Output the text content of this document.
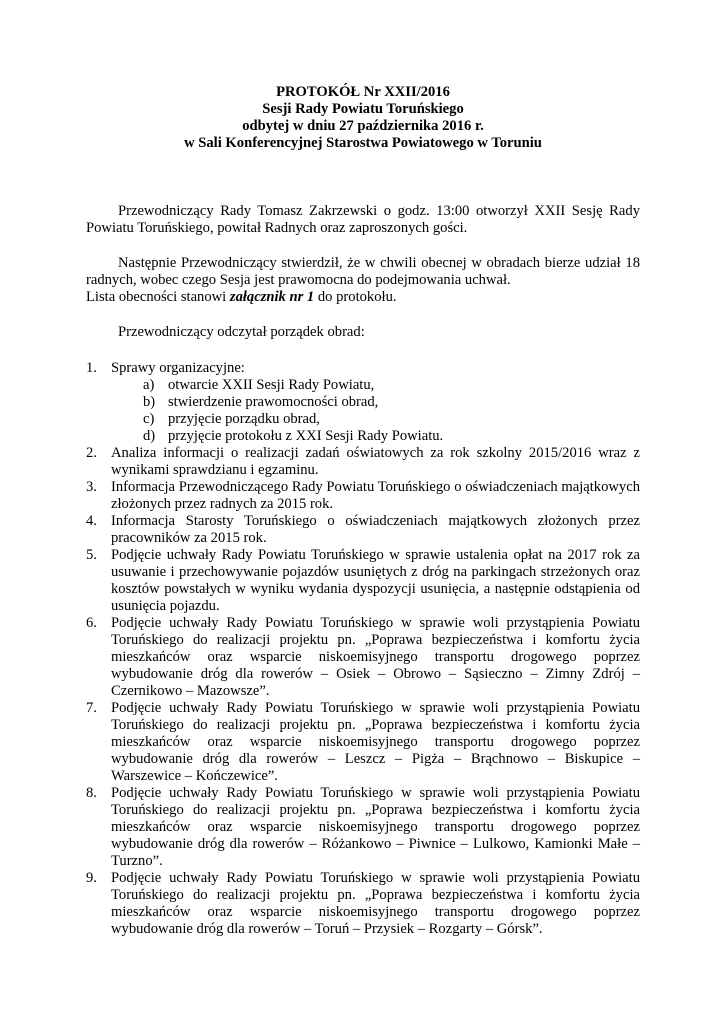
PROTOKÓŁ Nr XXII/2016
Sesji Rady Powiatu Toruńskiego
odbytej w dniu 27 października 2016 r.
w Sali Konferencyjnej Starostwa Powiatowego w Toruniu

Przewodniczący Rady Tomasz Zakrzewski o godz. 13:00 otworzył XXII Sesję Rady Powiatu Toruńskiego, powitał Radnych oraz zaproszonych gości.

Następnie Przewodniczący stwierdził, że w chwili obecnej w obradach bierze udział 18 radnych, wobec czego Sesja jest prawomocna do podejmowania uchwał.

Lista obecności stanowi załącznik nr 1 do protokołu.

Przewodniczący odczytał porządek obrad:

1. Sprawy organizacyjne:
a) otwarcie XXII Sesji Rady Powiatu,
b) stwierdzenie prawomocności obrad,
c) przyjęcie porządku obrad,
d) przyjęcie protokołu z XXI Sesji Rady Powiatu.
2. Analiza informacji o realizacji zadań oświatowych za rok szkolny 2015/2016 wraz z wynikami sprawdzianu i egzaminu.
3. Informacja Przewodniczącego Rady Powiatu Toruńskiego o oświadczeniach majątkowych złożonych przez radnych za 2015 rok.
4. Informacja Starosty Toruńskiego o oświadczeniach majątkowych złożonych przez pracowników za 2015 rok.
5. Podjęcie uchwały Rady Powiatu Toruńskiego w sprawie ustalenia opłat na 2017 rok za usuwanie i przechowywanie pojazdów usuniętych z dróg na parkingach strzeżonych oraz kosztów powstałych w wyniku wydania dyspozycji usunięcia, a następnie odstąpienia od usunięcia pojazdu.
6. Podjęcie uchwały Rady Powiatu Toruńskiego w sprawie woli przystąpienia Powiatu Toruńskiego do realizacji projektu pn. „Poprawa bezpieczeństwa i komfortu życia mieszkańców oraz wsparcie niskoemisyjnego transportu drogowego poprzez wybudowanie dróg dla rowerów – Osiek – Obrowo – Sąsieczno – Zimny Zdrój – Czernikowo – Mazowsze”.
7. Podjęcie uchwały Rady Powiatu Toruńskiego w sprawie woli przystąpienia Powiatu Toruńskiego do realizacji projektu pn. „Poprawa bezpieczeństwa i komfortu życia mieszkańców oraz wsparcie niskoemisyjnego transportu drogowego poprzez wybudowanie dróg dla rowerów – Leszcz – Pigża – Brąchnowo – Biskupice – Warszewice – Kończewice”.
8. Podjęcie uchwały Rady Powiatu Toruńskiego w sprawie woli przystąpienia Powiatu Toruńskiego do realizacji projektu pn. „Poprawa bezpieczeństwa i komfortu życia mieszkańców oraz wsparcie niskoemisyjnego transportu drogowego poprzez wybudowanie dróg dla rowerów – Różankowo – Piwnice – Lulkowo, Kamionki Małe – Turzno”.
9. Podjęcie uchwały Rady Powiatu Toruńskiego w sprawie woli przystąpienia Powiatu Toruńskiego do realizacji projektu pn. „Poprawa bezpieczeństwa i komfortu życia mieszkańców oraz wsparcie niskoemisyjnego transportu drogowego poprzez wybudowanie dróg dla rowerów – Toruń – Przysiek – Rozgarty – Górsk”.
